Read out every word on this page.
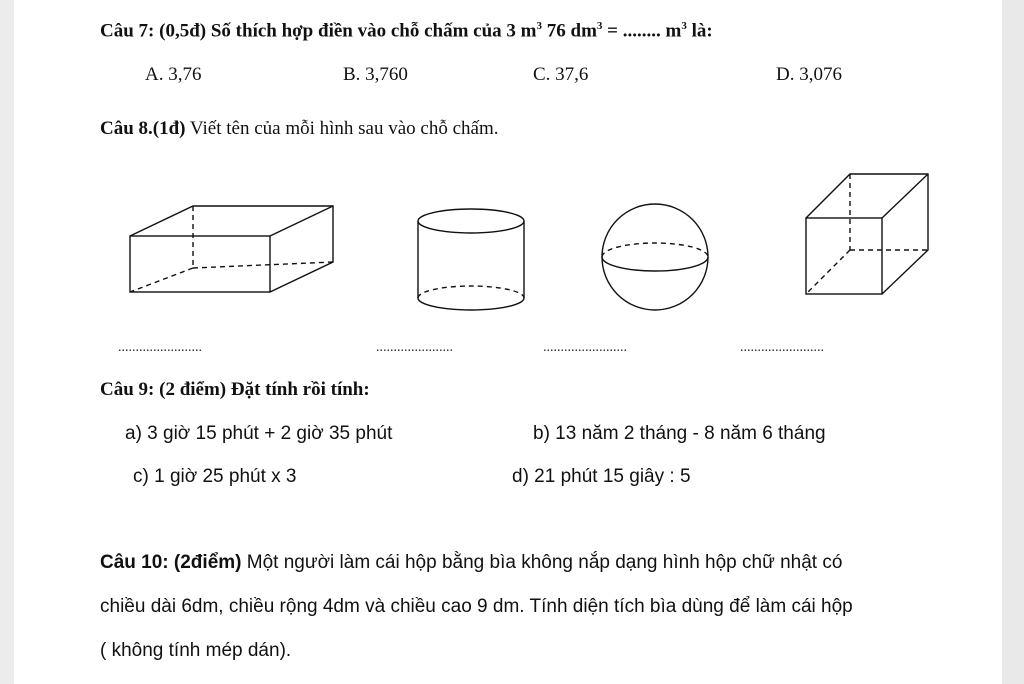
Câu 7: (0,5đ) Số thích hợp điền vào chỗ chấm của 3 $m^3$ 76 $dm^3$ = ........ $m^3$ là:
A. 3,76	B. 3,760	C. 37,6	D. 3,076
Câu 8.(1đ) Viết tên của mỗi hình sau vào chỗ chấm.
........................	......................	........................	........................
Câu 9: (2 điểm) Đặt tính rồi tính:
a) 3 giờ 15 phút + 2 giờ 35 phút	b) 13 năm 2 tháng - 8 năm 6 tháng
c) 1 giờ 25 phút x 3	d) 21 phút 15 giây : 5
Câu 10: (2điểm) Một người làm cái hộp bằng bìa không nắp dạng hình hộp chữ nhật có
chiều dài 6dm, chiều rộng 4dm và chiều cao 9 dm. Tính diện tích bìa dùng để làm cái hộp
( không tính mép dán).
